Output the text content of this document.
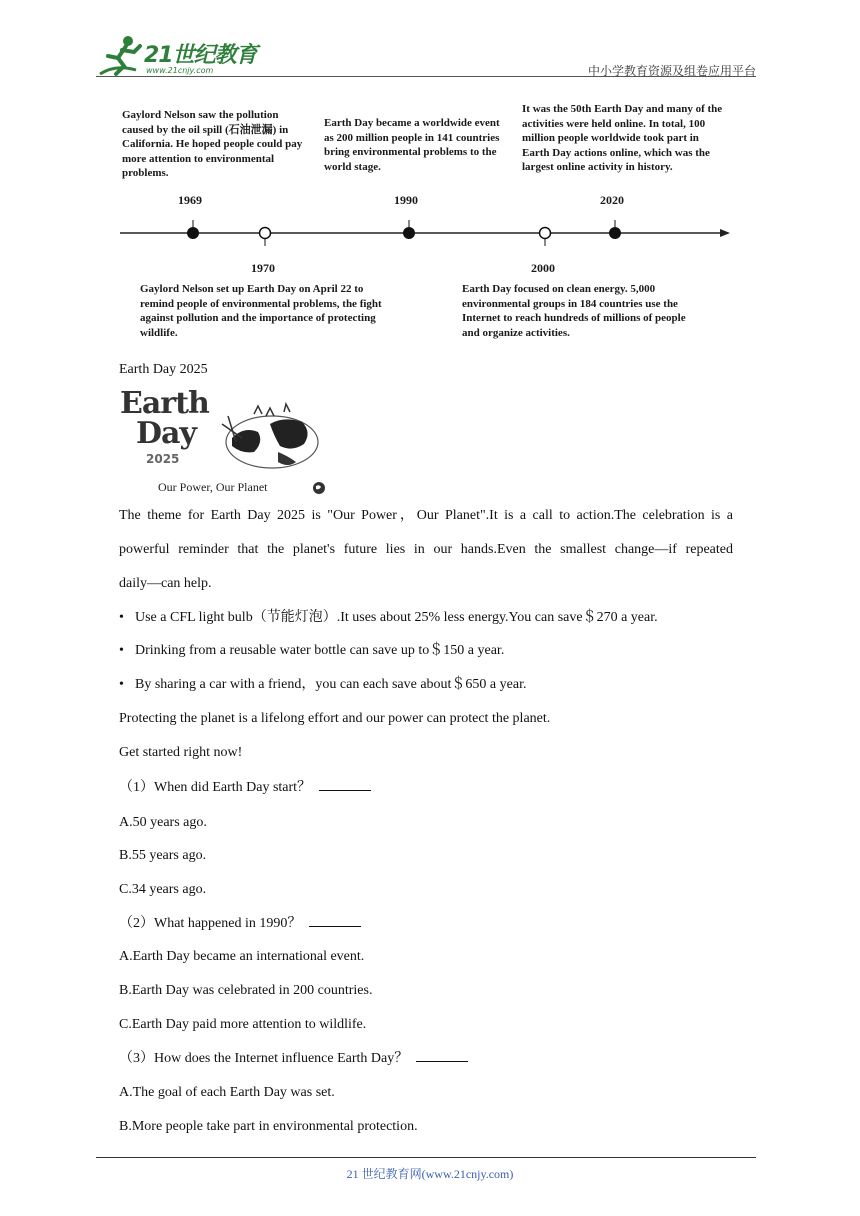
21世纪教育
www.21cnjy.com	中小学教育资源及组卷应用平台
Gaylord Nelson saw the pollution caused by the oil spill (石油泄漏) in California. He hoped people could pay more attention to environmental problems.
Earth Day became a worldwide event as 200 million people in 141 countries bring environmental problems to the world stage.
It was the 50th Earth Day and many of the activities were held online. In total, 100 million people worldwide took part in Earth Day actions online, which was the largest online activity in history.
1969	1990	2020
1970	2000
Gaylord Nelson set up Earth Day on April 22 to remind people of environmental problems, the fight against pollution and the importance of protecting wildlife.
Earth Day focused on clean energy. 5,000 environmental groups in 184 countries use the Internet to reach hundreds of millions of people and organize activities.
Earth Day 2025
Earth
Day
2025
Our Power, Our Planet
The theme for Earth Day 2025 is "Our Power，Our Planet".It is a call to action.The celebration is a
powerful reminder that the planet's future lies in our hands.Even the smallest change—if repeated
daily—can help.
• Use a CFL light bulb（节能灯泡）.It uses about 25% less energy.You can save＄270 a year.
• Drinking from a reusable water bottle can save up to＄150 a year.
• By sharing a car with a friend，you can each save about＄650 a year.
Protecting the planet is a lifelong effort and our power can protect the planet.
Get started right now!
（1）When did Earth Day start？
A.50 years ago.
B.55 years ago.
C.34 years ago.
（2）What happened in 1990？
A.Earth Day became an international event.
B.Earth Day was celebrated in 200 countries.
C.Earth Day paid more attention to wildlife.
（3）How does the Internet influence Earth Day？
A.The goal of each Earth Day was set.
B.More people take part in environmental protection.
21 世纪教育网(www.21cnjy.com)
